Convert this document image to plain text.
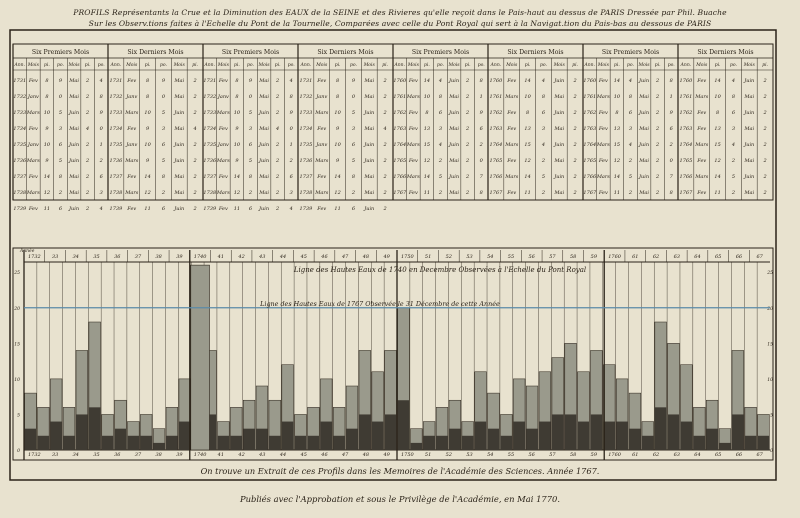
PROFILS Représentants la Crue et la Diminution des EAUX de la SEINE et des Rivieres qu'elle reçoit dans le Pais-haut au dessus de PARIS Dressée par Phil. Buache
Sur les Observ.tions faites à l'Echelle du Pont de la Tournelle, Comparées avec celle du Pont Royal qui sert à la Navigat.tion du Pais-bas au dessous de PARIS
Six Premiers Mois
Ann. Mois pi. po. Mois pi. po.
1731 Fev 8 9 Mai 2 4
1732 Janv 8 0 Mai 2 8
1733 Mars 10 5 Juin 2 9
1734 Fev 9 3 Mai 4 0
1735 Janv 10 6 Juin 2 1
1736 Mars 9 5 Juin 2 2
1737 Fev 14 8 Mai 2 6
1738 Mars 12 2 Mai 2 3
1739 Fev 11 6 Juin 2 4
Six Derniers Mois
Ann. Mois pi. po. Mois pi.
1731 Fev 8	9 Mai 2
1732 Janv 8	0 Mai 2
1733 Mars 10 5 Juin 2
1734 Fev 9	3 Mai 4
1735 Janv 10 6 Juin 2
1736 Mars 9	5 Juin 2
1737 Fev 14 8 Mai 2
1738 Mars 12 2 Mai 2
1739 Fev 11 6 Juin 2
Six Premiers Mois
Ann. Mois pi. po. Mois pi. po.
1731 Fev 8 9 Mai 2 4
1732 Janv 8 0 Mai 2 8
1733 Mars 10 5 Juin 2 9
1734 Fev 9 3 Mai 4 0
1735 Janv 10 6 Juin 2 1
1736 Mars 9 5 Juin 2 2
1737 Fev 14 8 Mai 2 6
1738 Mars 12 2 Mai 2 3
1739 Fev 11 6 Juin 2 4
Six Derniers Mois
Ann. Mois pi. po. Mois pi.
1731 Fev 8	9 Mai 2
1732 Janv 8	0 Mai 2
1733 Mars 10 5 Juin 2
1734 Fev 9	3 Mai 4
1735 Janv 10 6 Juin 2
1736 Mars 9	5 Juin 2
1737 Fev 14 8 Mai 2
1738 Mars 12 2 Mai 2
1739 Fev 11 6 Juin 2
Six Premiers Mois
Ann. Mois pi. po. Mois pi. po.
1760 Fev 14 4 Juin 2 8
1761 Mars 10 8 Mai 2 1
1762 Fev 8 6 Juin 2 9
1763 Fev 13 3 Mai 2 6
1764 Mars 15 4 Juin 2 2
1765 Fev 12 2 Mai 2 0
1766 Mars 14 5 Juin 2 7
1767 Fev 11 2 Mai 2 8
Six Derniers Mois
Ann. Mois pi. po. Mois pi.
1760 Fev 14 4 Juin 2
1761 Mars 10 8 Mai 2
1762 Fev 8	6 Juin 2
1763 Fev 13 3 Mai 2
1764 Mars 15 4 Juin 2
1765 Fev 12 2 Mai 2
1766 Mars 14 5 Juin 2
1767 Fev 11 2 Mai 2
Six Premiers Mois
Ann. Mois pi. po. Mois pi. po.
1760 Fev 14 4 Juin 2 8
1761 Mars 10 8 Mai 2 1
1762 Fev 8 6 Juin 2 9
1763 Fev 13 3 Mai 2 6
1764 Mars 15 4 Juin 2 2
1765 Fev 12 2 Mai 2 0
1766 Mars 14 5 Juin 2 7
1767 Fev 11 2 Mai 2 8
Six Derniers Mois
Ann. Mois pi. po. Mois pi.
1760 Fev 14 4 Juin 2
1761 Mars 10 8 Mai 2
1762 Fev 8	6 Juin 2
1763 Fev 13 3 Mai 2
1764 Mars 15 4 Juin 2
1765 Fev 12 2 Mai 2
1766 Mars 14 5 Juin 2
1767 Fev 11 2 Mai 2
Année
1732 33	34	35	36	37	38	39 1740 41	42	43	44	45	46	47	48	49 1750 51	52	53	54	55	56	57	58	59 1760 61	62	63	64	65	66	67
1732 33	34	35	36	37	38	39 1740 41	42	43	44	45	46	47	48	49 1750 51	52	53	54	55	56	57	58	59 1760 61	62	63	64	65	66	67
0	0
5	5
10	10
15	15
20	20
25	25
Ligne des Hautes Eaux de 1767 Observée le 31 Décembre de cette Année
Ligne des Hautes Eaux de 1740 en Decembre Observées à l'Echelle du Pont Royal
On trouve un Extrait de ces Profils dans les Memoires de l'Académie des Sciences. Année 1767.
Publiés avec l'Approbation et sous le Privilège de l'Académie, en Mai 1770.
